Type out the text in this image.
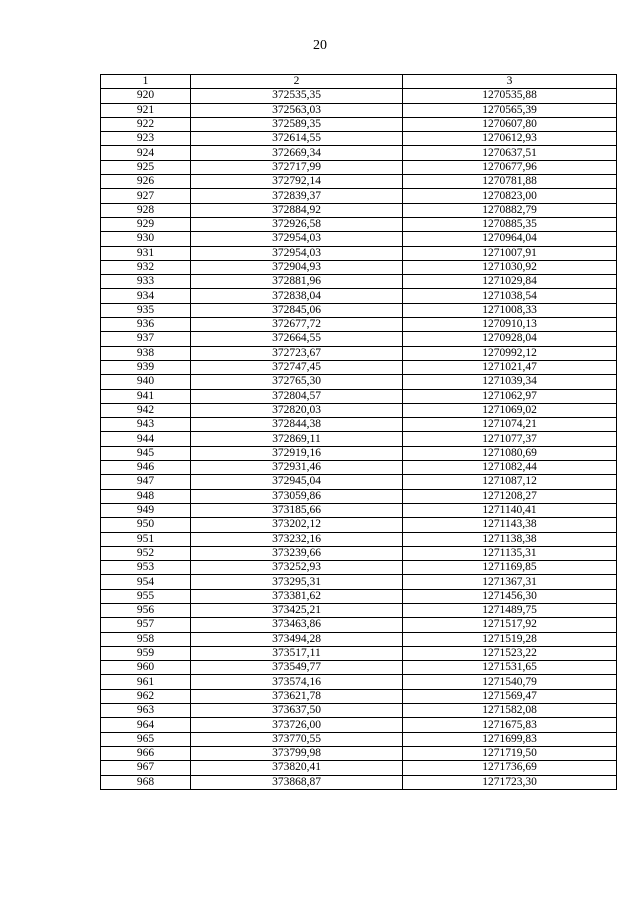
20
1	2	3
920	372535,35	1270535,88
921	372563,03	1270565,39
922	372589,35	1270607,80
923	372614,55	1270612,93
924	372669,34	1270637,51
925	372717,99	1270677,96
926	372792,14	1270781,88
927	372839,37	1270823,00
928	372884,92	1270882,79
929	372926,58	1270885,35
930	372954,03	1270964,04
931	372954,03	1271007,91
932	372904,93	1271030,92
933	372881,96	1271029,84
934	372838,04	1271038,54
935	372845,06	1271008,33
936	372677,72	1270910,13
937	372664,55	1270928,04
938	372723,67	1270992,12
939	372747,45	1271021,47
940	372765,30	1271039,34
941	372804,57	1271062,97
942	372820,03	1271069,02
943	372844,38	1271074,21
944	372869,11	1271077,37
945	372919,16	1271080,69
946	372931,46	1271082,44
947	372945,04	1271087,12
948	373059,86	1271208,27
949	373185,66	1271140,41
950	373202,12	1271143,38
951	373232,16	1271138,38
952	373239,66	1271135,31
953	373252,93	1271169,85
954	373295,31	1271367,31
955	373381,62	1271456,30
956	373425,21	1271489,75
957	373463,86	1271517,92
958	373494,28	1271519,28
959	373517,11	1271523,22
960	373549,77	1271531,65
961	373574,16	1271540,79
962	373621,78	1271569,47
963	373637,50	1271582,08
964	373726,00	1271675,83
965	373770,55	1271699,83
966	373799,98	1271719,50
967	373820,41	1271736,69
968	373868,87	1271723,30
